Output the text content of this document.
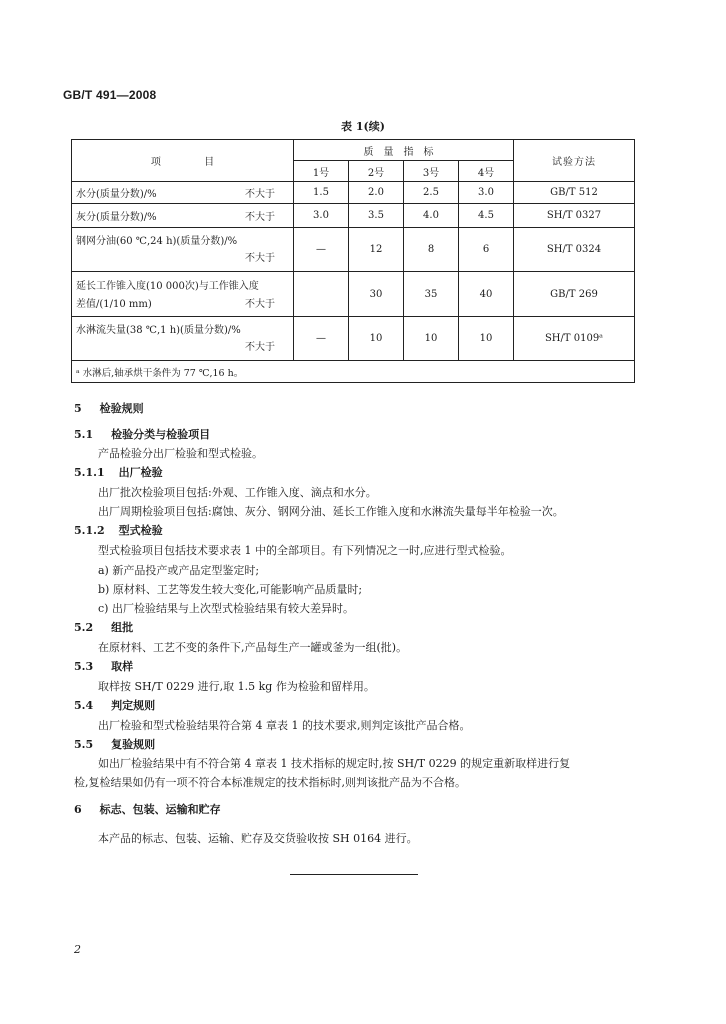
GB/T 491—2008
表 1(续)
项 目	质量指标				试验方法
	1号	2号	3号	4号	

水分(质量分数)/% 不大于	1.5	2.0	2.5	3.0	GB/T 512

灰分(质量分数)/% 不大于	3.0	3.5	4.0	4.5	SH/T 0327

钢网分油(60 ℃,24 h)(质量分数)/%
不大于	—	12	8	6	SH/T 0324

延长工作锥入度(10 000次)与工作锥入度
差值/(1/10 mm) 不大于		30	35	40	GB/T 269

水淋流失量(38 ℃,1 h)(质量分数)/%
不大于	—	10	10	10	SH/T 0109ᵃ
ᵃ 水淋后,轴承烘干条件为 77 ℃,16 h。					
5 检验规则
5.1 检验分类与检验项目
产品检验分出厂检验和型式检验。
5.1.1 出厂检验
出厂批次检验项目包括:外观、工作锥入度、滴点和水分。
出厂周期检验项目包括:腐蚀、灰分、钢网分油、延长工作锥入度和水淋流失量每半年检验一次。
5.1.2 型式检验
型式检验项目包括技术要求表 1 中的全部项目。有下列情况之一时,应进行型式检验。
a) 新产品投产或产品定型鉴定时;
b) 原材料、工艺等发生较大变化,可能影响产品质量时;
c) 出厂检验结果与上次型式检验结果有较大差异时。
5.2 组批
在原材料、工艺不变的条件下,产品每生产一罐或釜为一组(批)。
5.3 取样
取样按 SH/T 0229 进行,取 1.5 kg 作为检验和留样用。
5.4 判定规则
出厂检验和型式检验结果符合第 4 章表 1 的技术要求,则判定该批产品合格。
5.5 复验规则
如出厂检验结果中有不符合第 4 章表 1 技术指标的规定时,按 SH/T 0229 的规定重新取样进行复
检,复检结果如仍有一项不符合本标准规定的技术指标时,则判该批产品为不合格。
6 标志、包装、运输和贮存
本产品的标志、包装、运输、贮存及交货验收按 SH 0164 进行。
2
